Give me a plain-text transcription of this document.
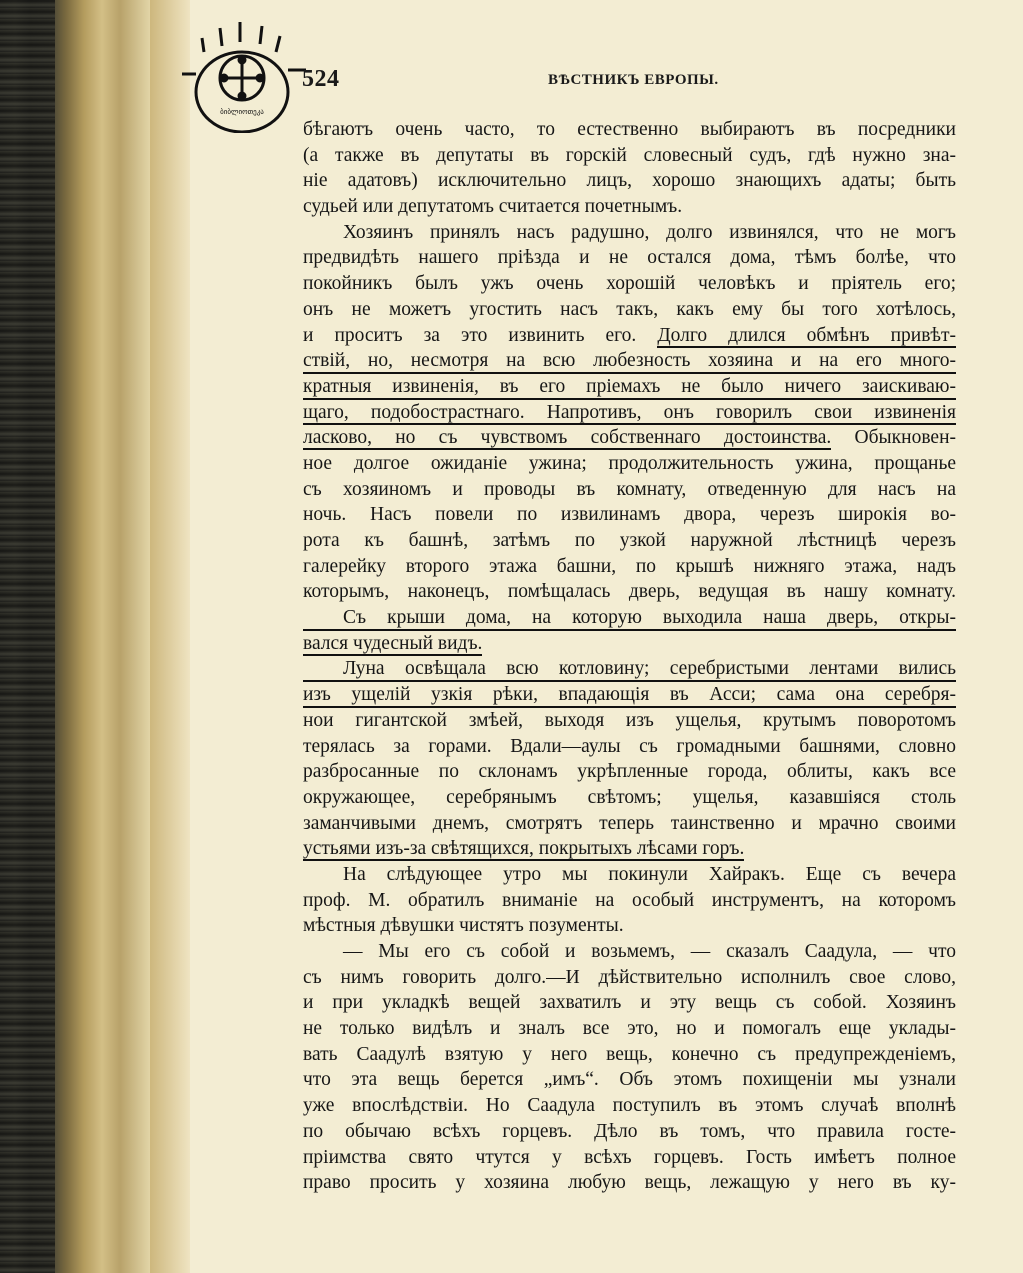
ბიბლიოთეკა
524	ВѢСТНИКЪ ЕВРОПЫ.
бѣгаютъ очень часто, то естественно выбираютъ въ посредники
(а также въ депутаты въ горскій словесный судъ, гдѣ нужно зна-
ніе адатовъ) исключительно лицъ, хорошо знающихъ адаты; быть
судьей или депутатомъ считается почетнымъ.
Хозяинъ принялъ насъ радушно, долго извинялся, что не могъ
предвидѣть нашего пріѣзда и не остался дома, тѣмъ болѣе, что
покойникъ былъ ужъ очень хорошій человѣкъ и пріятель его;
онъ не можетъ угостить насъ такъ, какъ ему бы того хотѣлось,
и проситъ за это извинить его. Долго длился обмѣнъ привѣт-
ствій, но, несмотря на всю любезность хозяина и на его много-
кратныя извиненія, въ его пріемахъ не было ничего заискиваю-
щаго, подобострастнаго. Напротивъ, онъ говорилъ свои извиненія
ласково, но съ чувствомъ собственнаго достоинства. Обыкновен-
ное долгое ожиданіе ужина; продолжительность ужина, прощанье
съ хозяиномъ и проводы въ комнату, отведенную для насъ на
ночь. Насъ повели по извилинамъ двора, черезъ широкія во-
рота къ башнѣ, затѣмъ по узкой наружной лѣстницѣ черезъ
галерейку второго этажа башни, по крышѣ нижняго этажа, надъ
которымъ, наконецъ, помѣщалась дверь, ведущая въ нашу комнату.
Съ крыши дома, на которую выходила наша дверь, откры-
вался чудесный видъ.
Луна освѣщала всю котловину; серебристыми лентами вились
изъ ущелій узкія рѣки, впадающія въ Асси; сама она серебря-
нои гигантской змѣей, выходя изъ ущелья, крутымъ поворотомъ
терялась за горами. Вдали—аулы съ громадными башнями, словно
разбросанные по склонамъ укрѣпленные города, облиты, какъ все
окружающее, серебрянымъ свѣтомъ; ущелья, казавшіяся столь
заманчивыми днемъ, смотрятъ теперь таинственно и мрачно своими
устьями изъ-за свѣтящихся, покрытыхъ лѣсами горъ.
На слѣдующее утро мы покинули Хайракъ. Еще съ вечера
проф. М. обратилъ вниманіе на особый инструментъ, на которомъ
мѣстныя дѣвушки чистятъ позументы.
— Мы его съ собой и возьмемъ, — сказалъ Саадула, — что
съ нимъ говорить долго.—И дѣйствительно исполнилъ свое слово,
и при укладкѣ вещей захватилъ и эту вещь съ собой. Хозяинъ
не только видѣлъ и зналъ все это, но и помогалъ еще уклады-
вать Саадулѣ взятую у него вещь, конечно съ предупрежденіемъ,
что эта вещь берется „имъ“. Объ этомъ похищеніи мы узнали
уже впослѣдствіи. Но Саадула поступилъ въ этомъ случаѣ вполнѣ
по обычаю всѣхъ горцевъ. Дѣло въ томъ, что правила госте-
пріимства свято чтутся у всѣхъ горцевъ. Гость имѣетъ полное
право просить у хозяина любую вещь, лежащую у него въ ку-
